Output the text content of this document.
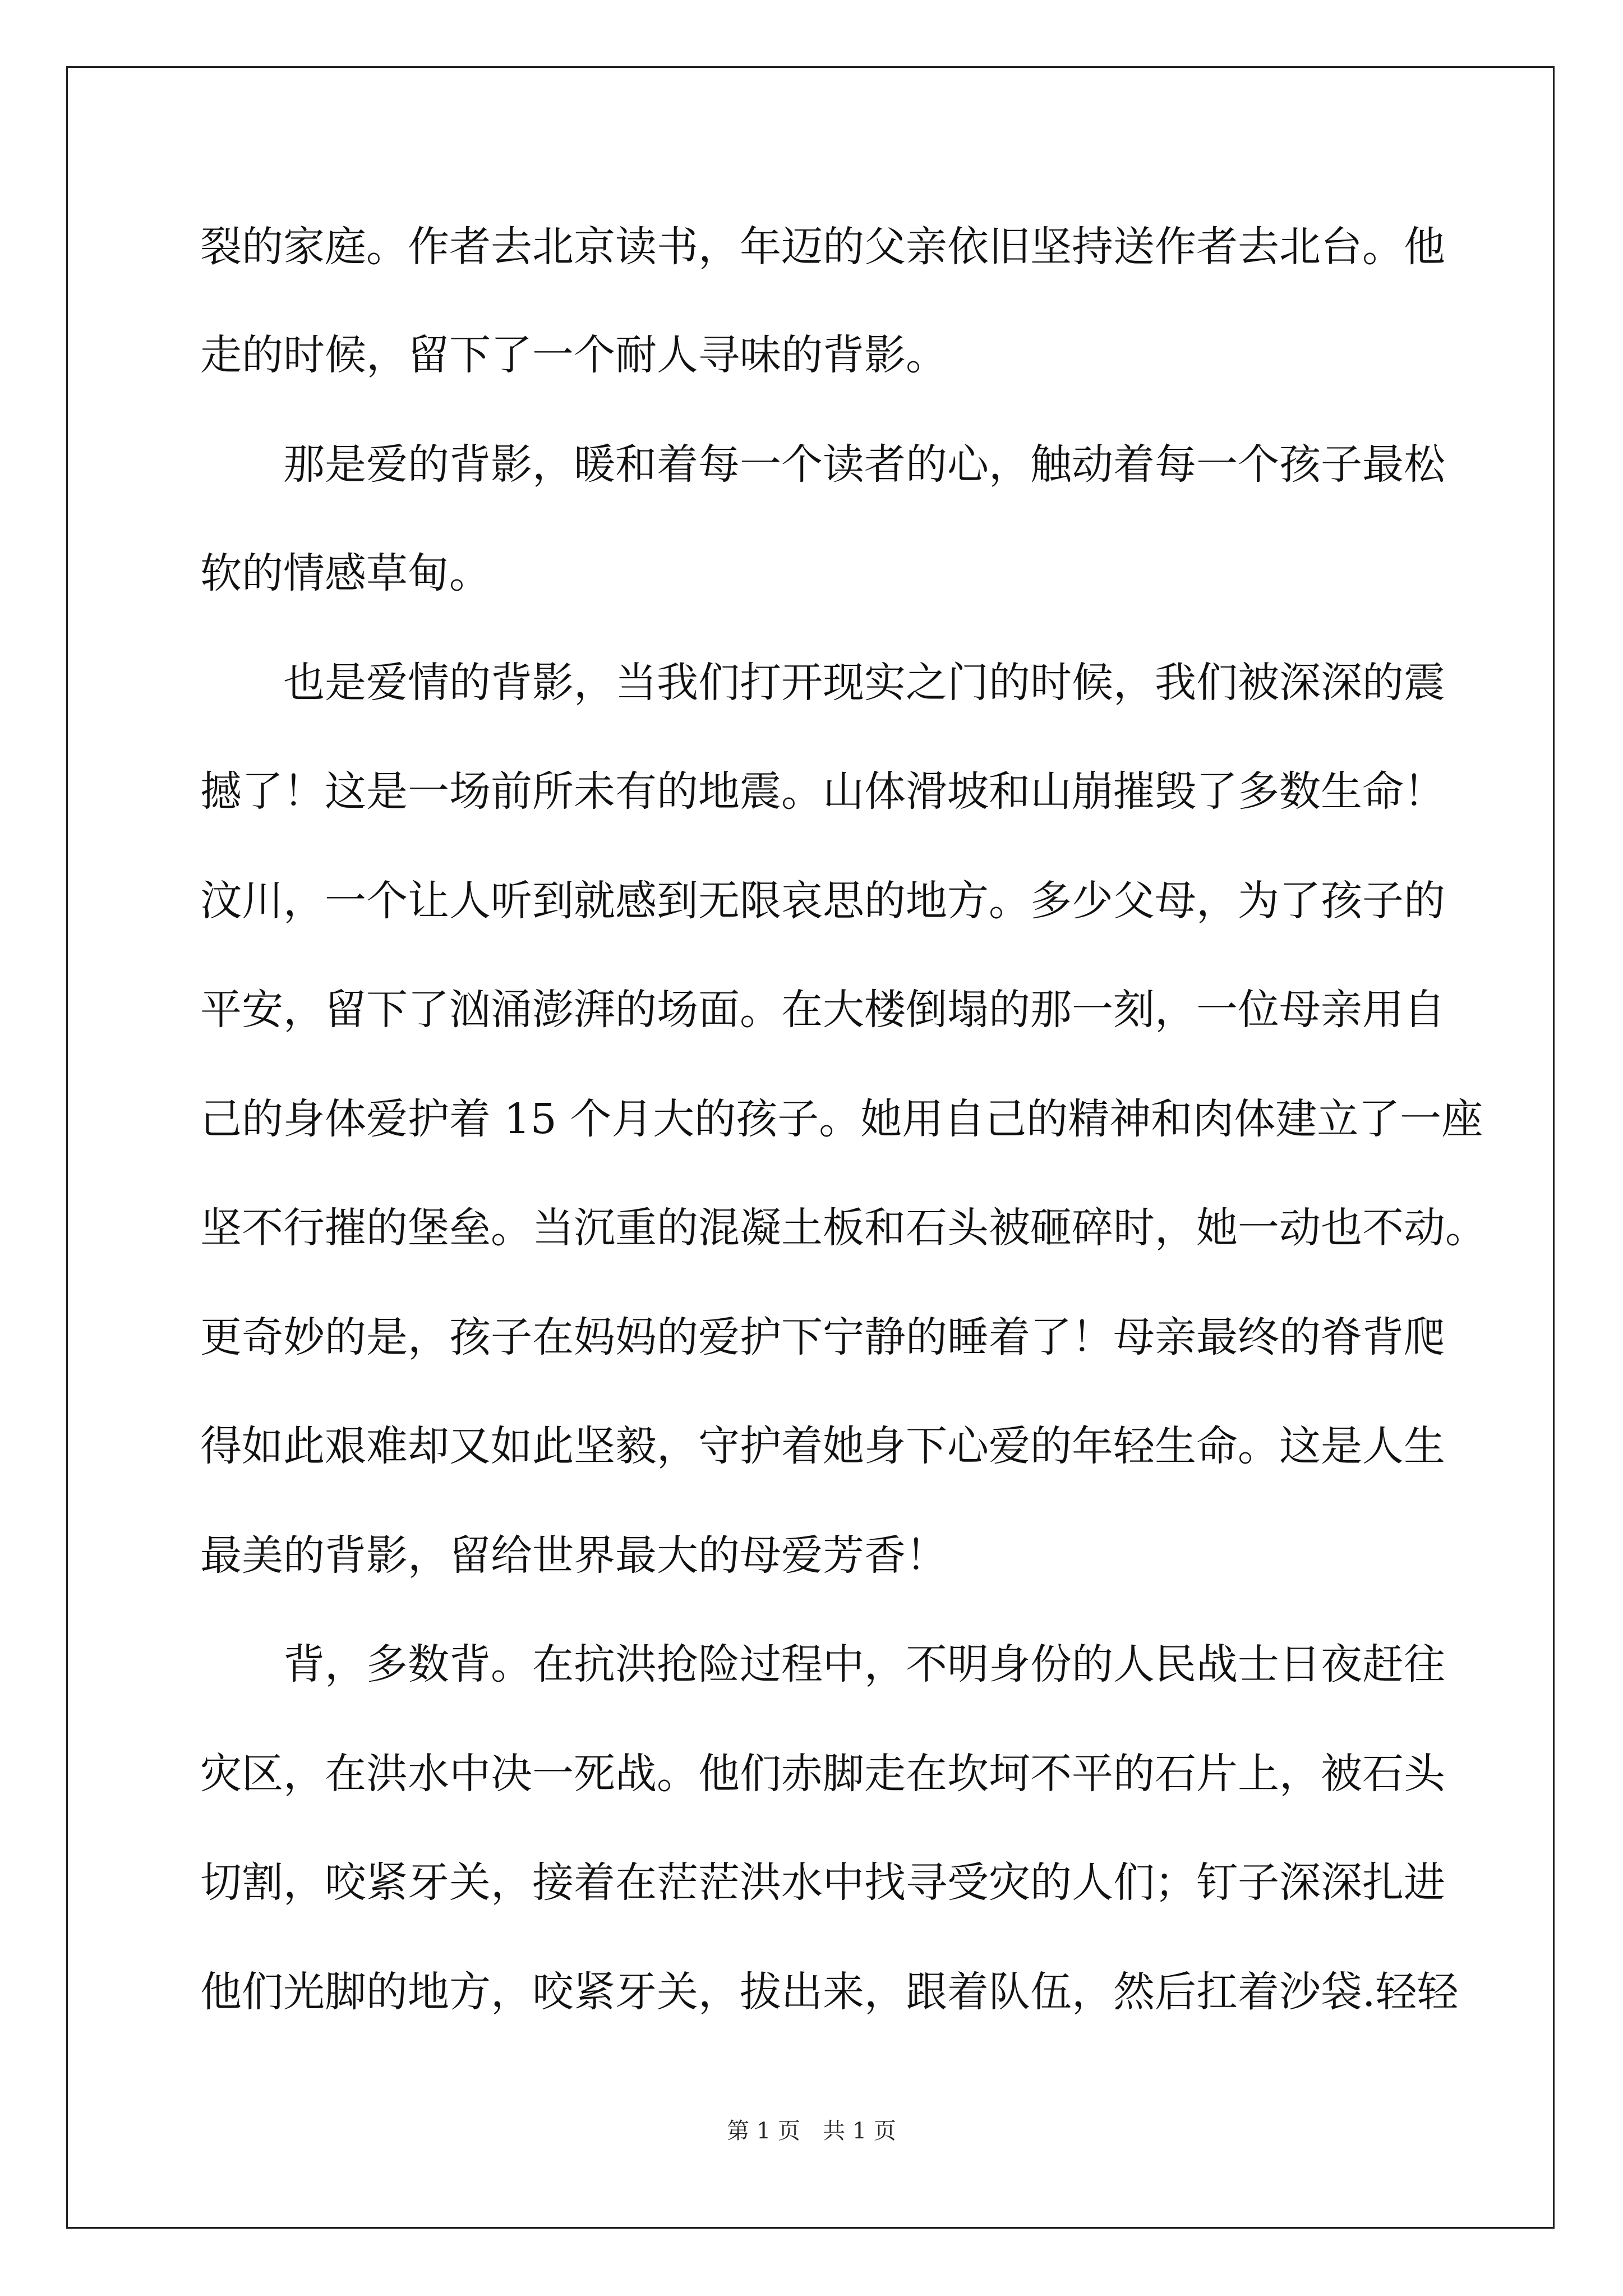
裂的家庭。作者去北京读书，年迈的父亲依旧坚持送作者去北台。他
走的时候，留下了一个耐人寻味的背影。
那是爱的背影，暖和着每一个读者的心，触动着每一个孩子最松
软的情感草甸。
也是爱情的背影，当我们打开现实之门的时候，我们被深深的震
撼了！这是一场前所未有的地震。山体滑坡和山崩摧毁了多数生命！
汶川，一个让人听到就感到无限哀思的地方。多少父母，为了孩子的
平安，留下了汹涌澎湃的场面。在大楼倒塌的那一刻，一位母亲用自
己的身体爱护着 15 个月大的孩子。她用自己的精神和肉体建立了一座
坚不行摧的堡垒。当沉重的混凝土板和石头被砸碎时，她一动也不动。
更奇妙的是，孩子在妈妈的爱护下宁静的睡着了！母亲最终的脊背爬
得如此艰难却又如此坚毅，守护着她身下心爱的年轻生命。这是人生
最美的背影，留给世界最大的母爱芳香！
背，多数背。在抗洪抢险过程中，不明身份的人民战士日夜赶往
灾区，在洪水中决一死战。他们赤脚走在坎坷不平的石片上，被石头
切割，咬紧牙关，接着在茫茫洪水中找寻受灾的人们；钉子深深扎进
他们光脚的地方，咬紧牙关，拔出来，跟着队伍，然后扛着沙袋.轻轻
第 1 页　共 1 页
